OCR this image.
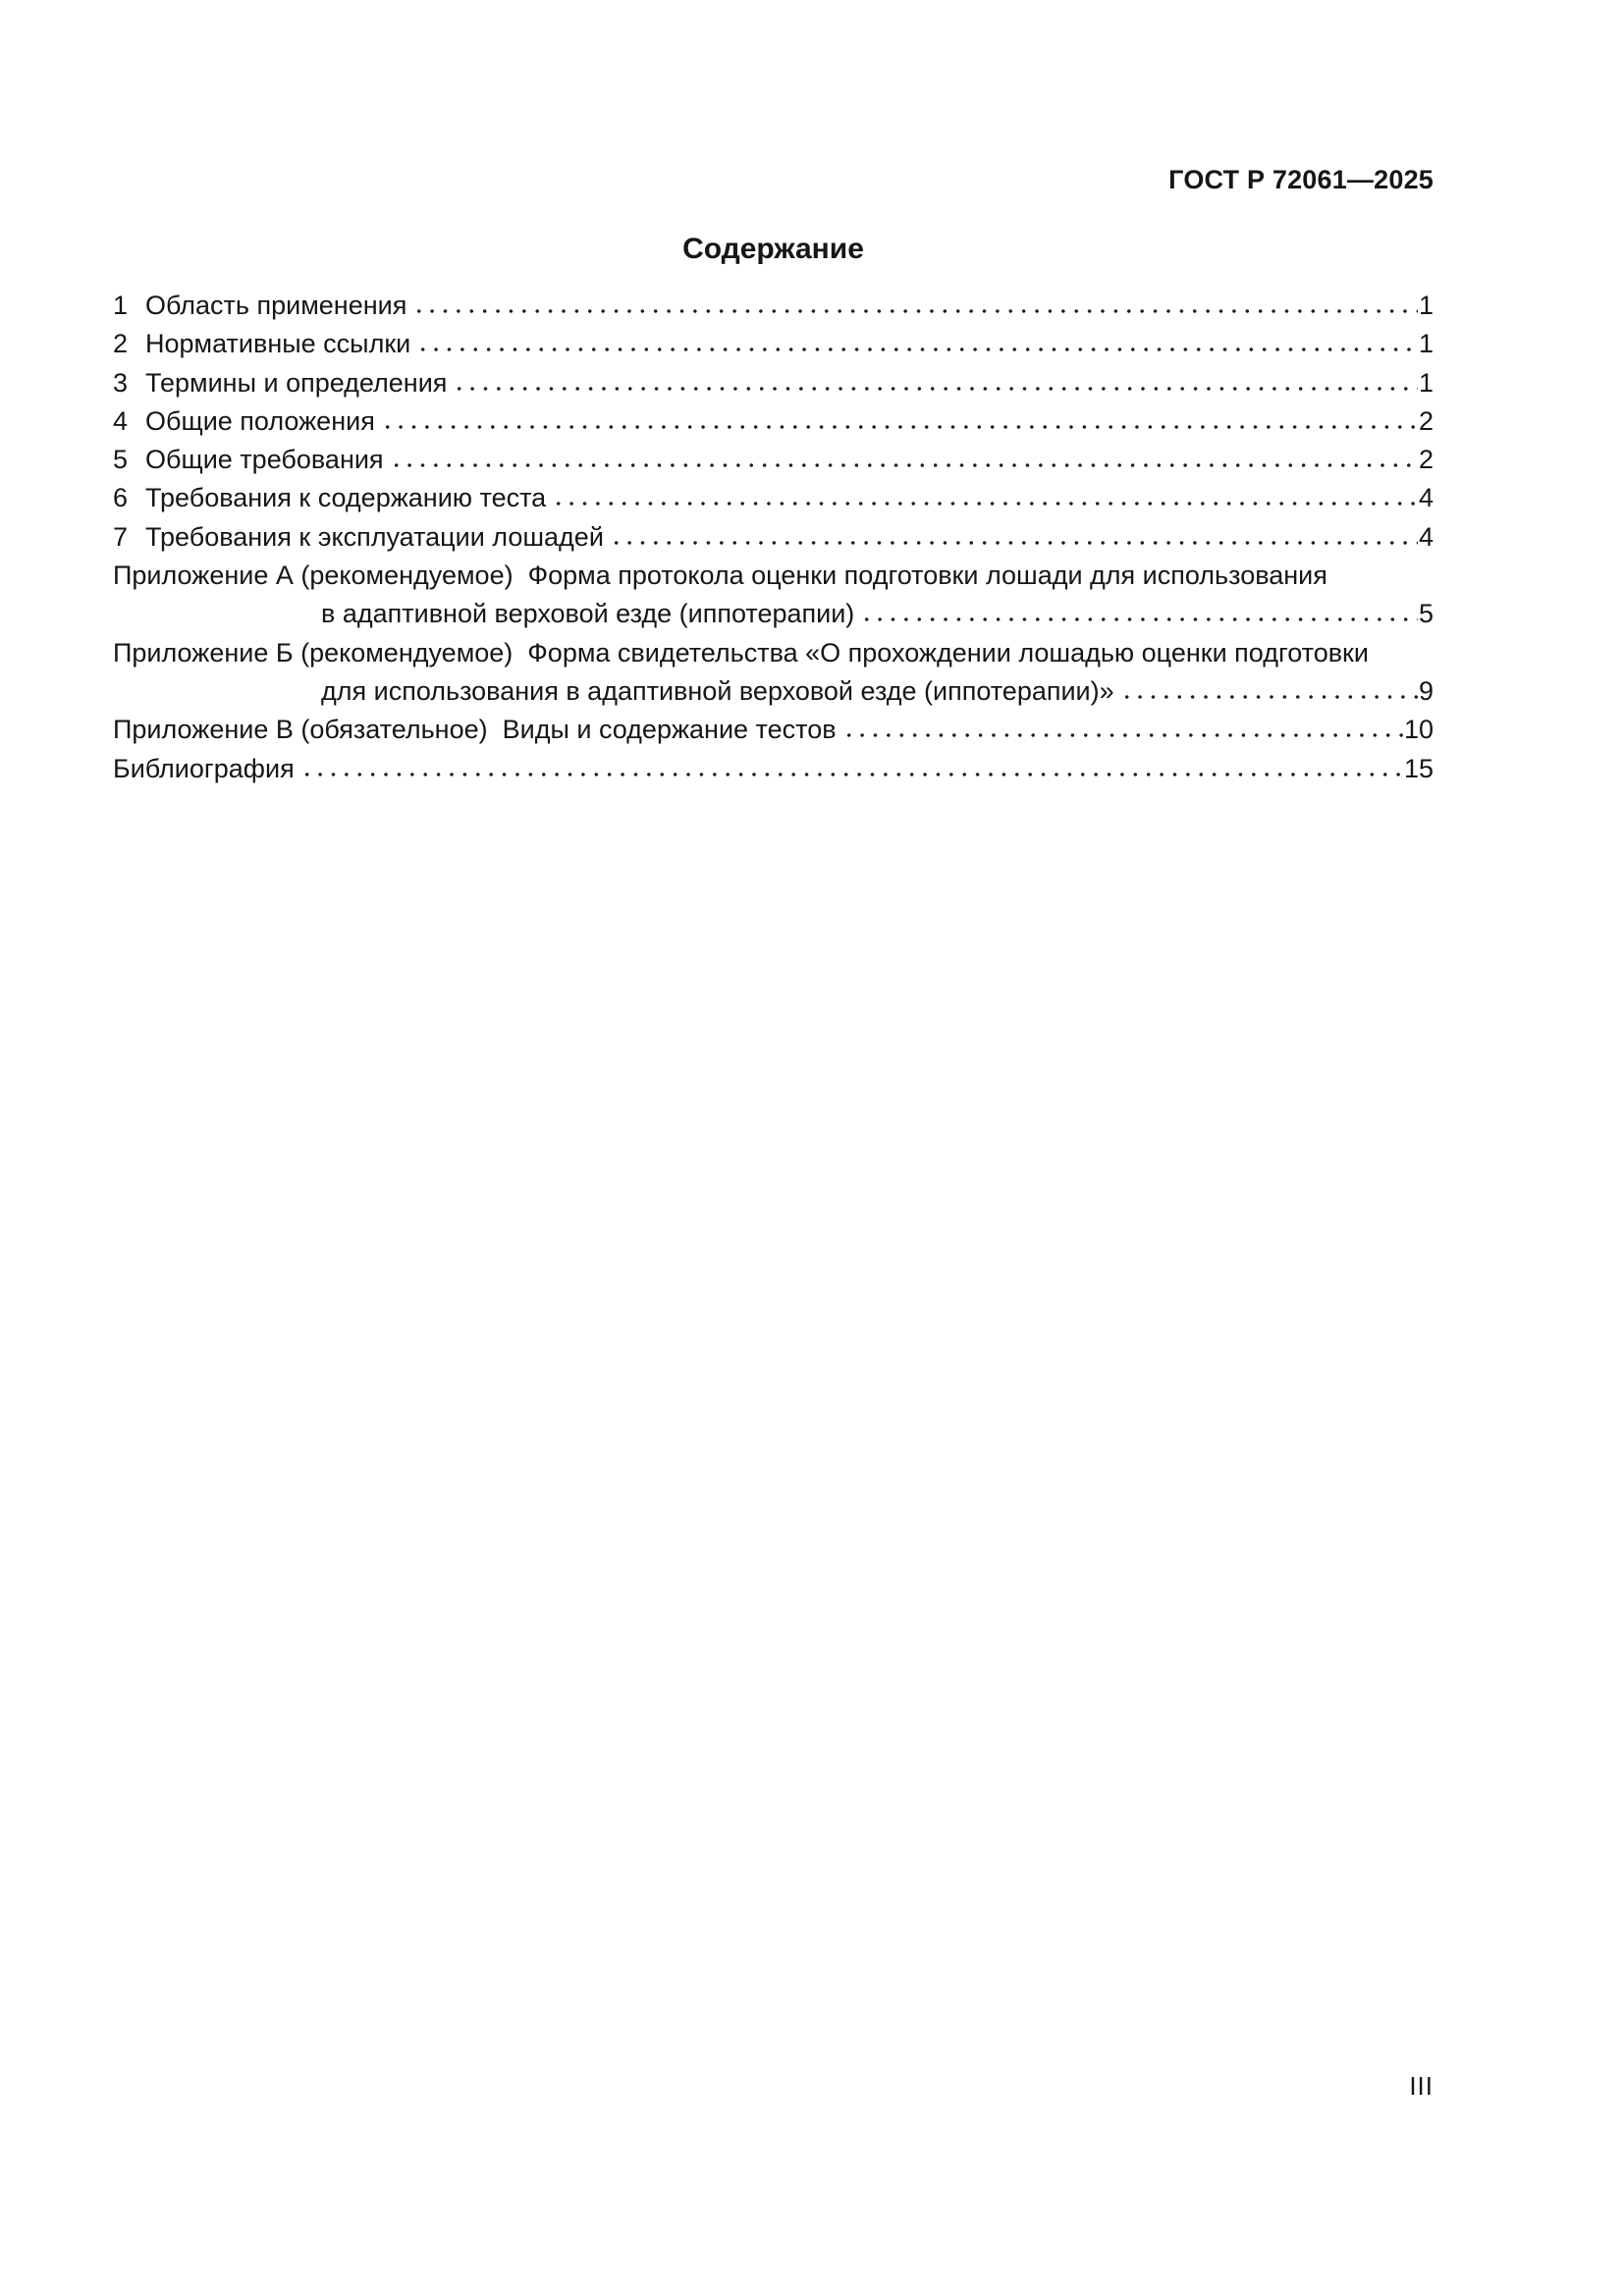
ГОСТ Р 72061—2025
Содержание
1 Область применения	1
2 Нормативные ссылки	1
3 Термины и определения	1
4 Общие положения	2
5 Общие требования	2
6 Требования к содержанию теста	4
7 Требования к эксплуатации лошадей	4
Приложение А (рекомендуемое)  Форма протокола оценки подготовки лошади для использования
в адаптивной верховой езде (иппотерапии)	5
Приложение Б (рекомендуемое)  Форма свидетельства «О прохождении лошадью оценки подготовки
для использования в адаптивной верховой езде (иппотерапии)»	9
Приложение В (обязательное)  Виды и содержание тестов	10
Библиография	15
III
